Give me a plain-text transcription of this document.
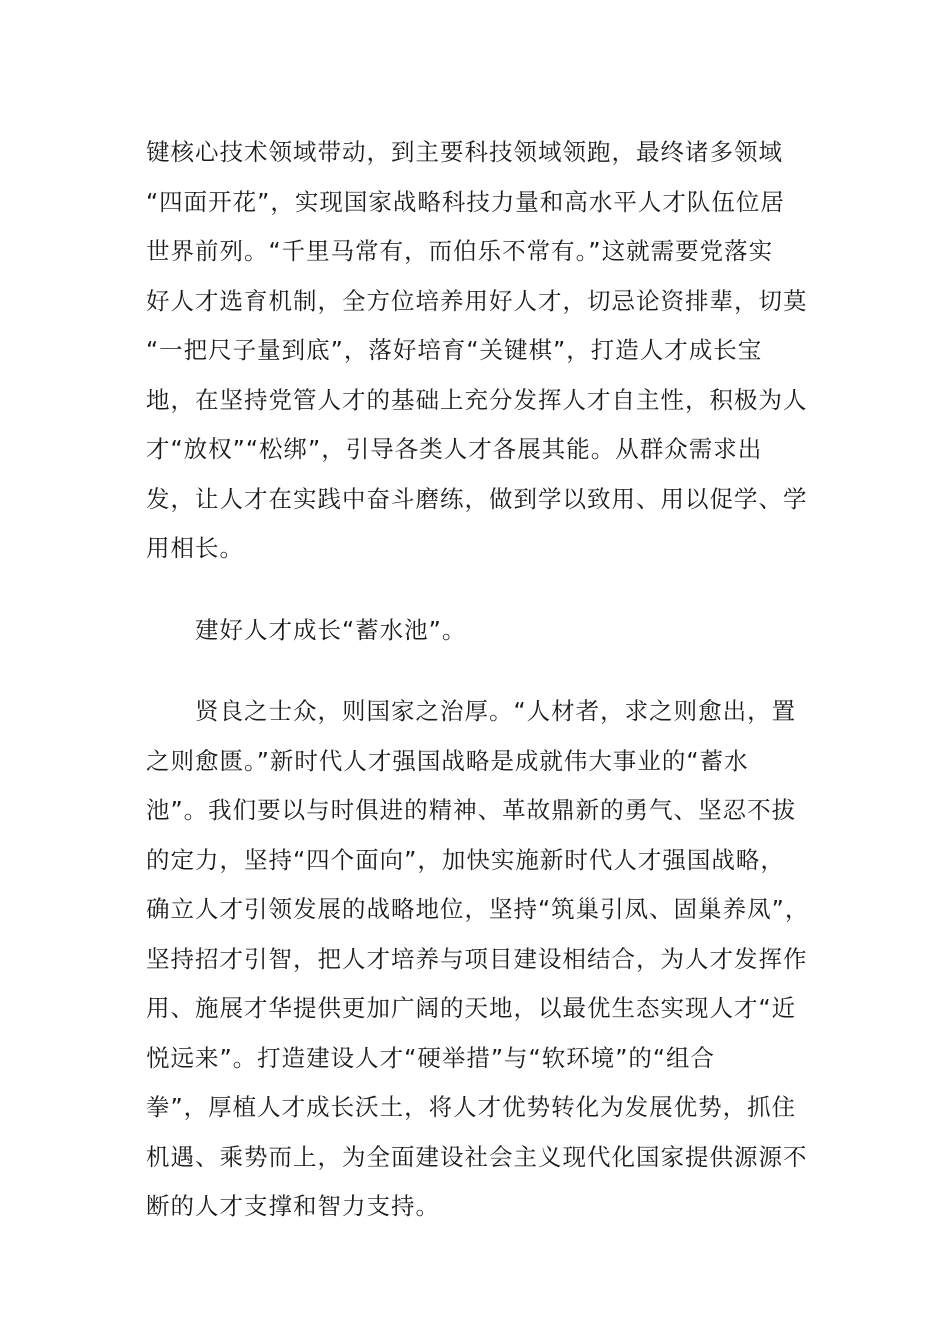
键核心技术领域带动，到主要科技领域领跑，最终诸多领域
“四面开花”，实现国家战略科技力量和高水平人才队伍位居
世界前列。“千里马常有，而伯乐不常有。”这就需要党落实
好人才选育机制，全方位培养用好人才，切忌论资排辈，切莫
“一把尺子量到底”，落好培育“关键棋”，打造人才成长宝
地，在坚持党管人才的基础上充分发挥人才自主性，积极为人
才“放权”“松绑”，引导各类人才各展其能。从群众需求出
发，让人才在实践中奋斗磨练，做到学以致用、用以促学、学
用相长。
　　建好人才成长“蓄水池”。
　　贤良之士众，则国家之治厚。“人材者，求之则愈出，置
之则愈匮。”新时代人才强国战略是成就伟大事业的“蓄水
池”。我们要以与时俱进的精神、革故鼎新的勇气、坚忍不拔
的定力，坚持“四个面向”，加快实施新时代人才强国战略，
确立人才引领发展的战略地位，坚持“筑巢引凤、固巢养凤”，
坚持招才引智，把人才培养与项目建设相结合，为人才发挥作
用、施展才华提供更加广阔的天地，以最优生态实现人才“近
悦远来”。打造建设人才“硬举措”与“软环境”的“组合
拳”，厚植人才成长沃土，将人才优势转化为发展优势，抓住
机遇、乘势而上，为全面建设社会主义现代化国家提供源源不
断的人才支撑和智力支持。
